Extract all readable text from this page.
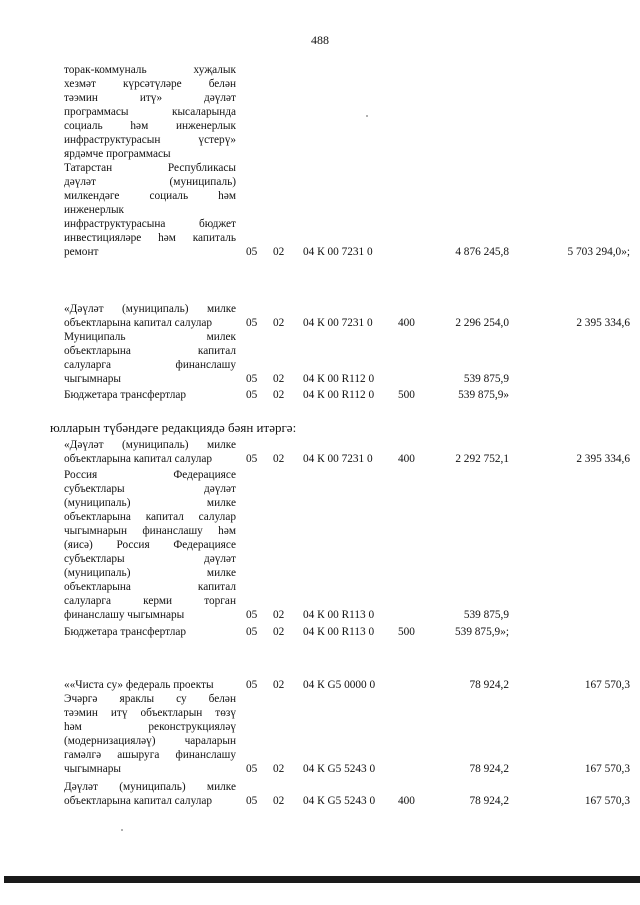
488
торак-коммуналь хуҗалык
хезмәт күрсәтүләре белән
тәэмин итү» дәүләт
программасы кысаларында
социаль һәм инженерлык
инфраструктурасын үстерү»
ярдәмче программасы
Татарстан Республикасы
дәүләт (муниципаль)
милкендәге социаль һәм
инженерлык
инфраструктурасына бюджет
инвестицияләре һәм капиталь
ремонт	05 02 04 К 00 7231 0	4 876 245,8	5 703 294,0»;
«Дәүләт (муниципаль) милке
объектларына капитал салулар	05 02 04 К 00 7231 0 400	2 296 254,0	2 395 334,6
Муниципаль милек
объектларына капитал
салуларга финанслашу
чыгымнары	05 02 04 К 00 R112 0	539 875,9
Бюджетара трансфертлар	05 02 04 К 00 R112 0 500	539 875,9»
юлларын түбәндәге редакциядә бәян итәргә:
«Дәүләт (муниципаль) милке
объектларына капитал салулар	05 02 04 К 00 7231 0 400	2 292 752,1	2 395 334,6
Россия Федерациясе
субъектлары дәүләт
(муниципаль) милке
объектларына капитал салулар
чыгымнарын финанслашу һәм
(яисә) Россия Федерациясе
субъектлары дәүләт
(муниципаль) милке
объектларына капитал
салуларга керми торган
финанслашу чыгымнары	05 02 04 К 00 R113 0	539 875,9
Бюджетара трансфертлар	05 02 04 К 00 R113 0 500	539 875,9»;
««Чиста су» федераль проекты	05 02 04 К G5 0000 0	78 924,2	167 570,3
Эчәргә яраклы су белән
тәэмин итү объектларын төзү
һәм реконструкцияләү
(модернизацияләү) чараларын
гамәлгә ашыруга финанслашу
чыгымнары	05 02 04 К G5 5243 0	78 924,2	167 570,3
Дәүләт (муниципаль) милке
объектларына капитал салулар	05 02 04 К G5 5243 0 400	78 924,2	167 570,3
